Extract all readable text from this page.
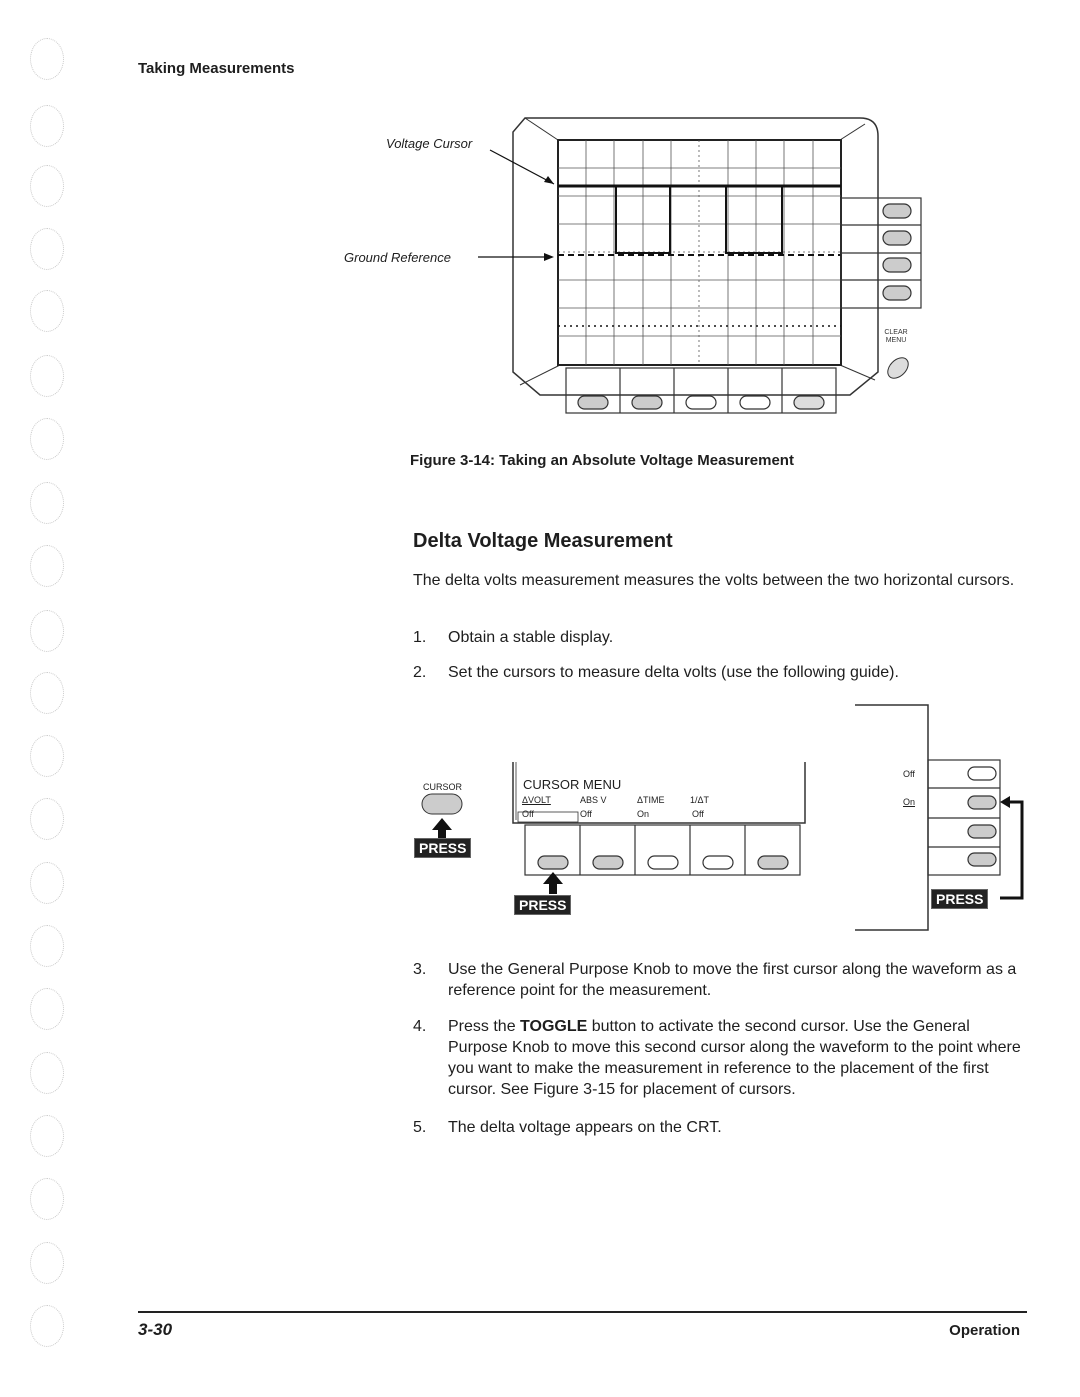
Taking Measurements
CLEAR
MENU
Voltage Cursor
Ground Reference
Figure 3-14: Taking an Absolute Voltage Measurement
Delta Voltage Measurement
The delta volts measurement measures the volts between the two horizontal cursors.
1. Obtain a stable display.
2. Set the cursors to measure delta volts (use the following guide).
CURSOR
PRESS
PRESS	PRESS
CURSOR MENU
ΔVOLT	ABS V	ΔTIME	1/ΔT
Off	Off	On	Off
Off
On
3. Use the General Purpose Knob to move the first cursor along the waveform as a reference point for the measurement.
4. Press the TOGGLE button to activate the second cursor. Use the General Purpose Knob to move this second cursor along the waveform to the point where you want to make the measurement in reference to the placement of the first cursor. See Figure 3-15 for placement of cursors.
5. The delta voltage appears on the CRT.
3-30	Operation
